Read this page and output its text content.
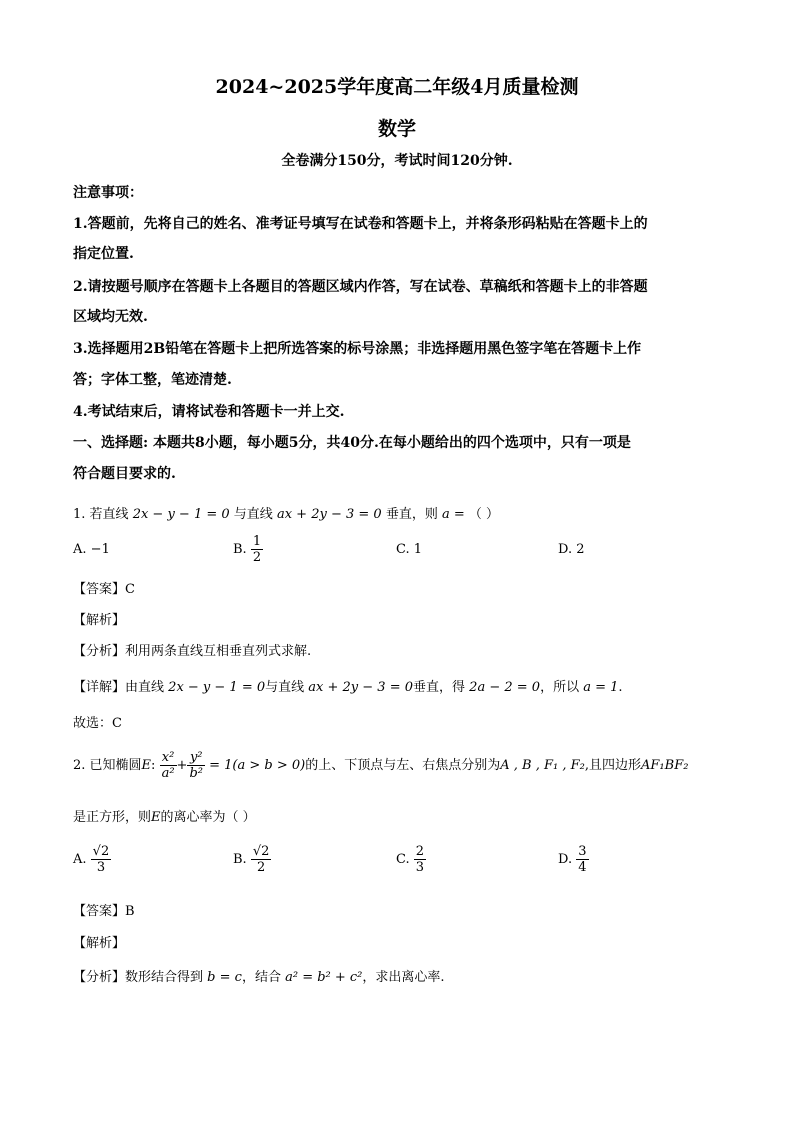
2024~2025学年度高二年级4月质量检测
数学
全卷满分150分，考试时间120分钟.
注意事项：
1.答题前，先将自己的姓名、准考证号填写在试卷和答题卡上，并将条形码粘贴在答题卡上的
指定位置.
2.请按题号顺序在答题卡上各题目的答题区域内作答，写在试卷、草稿纸和答题卡上的非答题
区域均无效.
3.选择题用2B铅笔在答题卡上把所选答案的标号涂黑；非选择题用黑色签字笔在答题卡上作
答；字体工整，笔迹清楚.
4.考试结束后，请将试卷和答题卡一并上交.
一、选择题: 本题共8小题，每小题5分，共40分.在每小题给出的四个选项中，只有一项是
符合题目要求的.
1. 若直线 2x − y − 1 = 0 与直线 ax + 2y − 3 = 0 垂直，则 a = （ ）
A. −1	B. $\frac{1}{2}$	C. 1	D. 2
【答案】C
【解析】
【分析】利用两条直线互相垂直列式求解.
【详解】由直线 2x − y − 1 = 0与直线 ax + 2y − 3 = 0垂直，得 2a − 2 = 0，所以 a = 1.
故选：C
2. 已知椭圆E: $\frac{\text{x²}}{\text{a²}} + \frac{\text{y²}}{\text{b²}} = 1(a > b > 0)$的上、下顶点与左、右焦点分别为A , B , F₁ , F₂,且四边形AF₁BF₂
是正方形，则E的离心率为（ ）
A. $\frac{√2}{3}$	B. $\frac{√2}{2}$	C. $\frac{2}{3}$	D. $\frac{3}{4}$
【答案】B
【解析】
【分析】数形结合得到 b = c，结合 a² = b² + c²，求出离心率.
